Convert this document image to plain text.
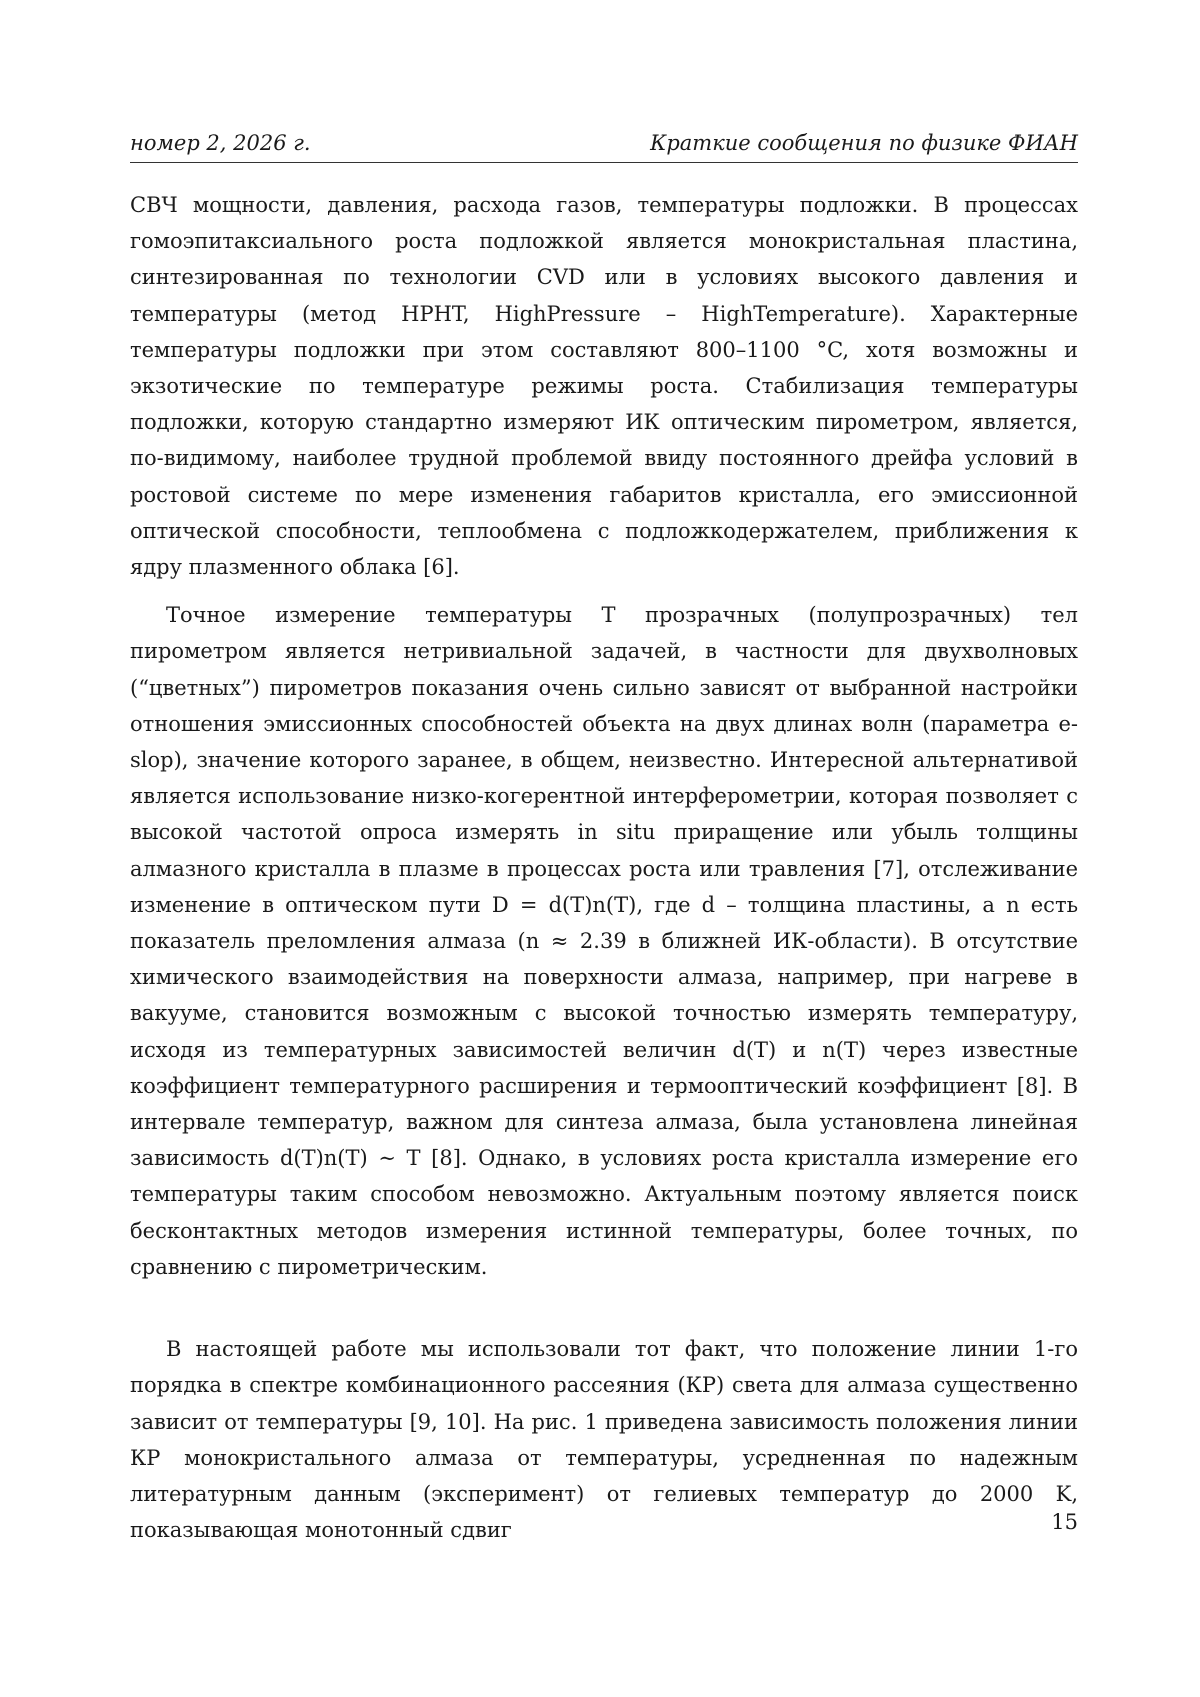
номер 2, 2026 г.	Краткие сообщения по физике ФИАН

СВЧ мощности, давления, расхода газов, температуры подложки. В процессах гомоэпитаксиального роста подложкой является монокристальная пластина, синтезированная по технологии CVD или в условиях высокого давления и температуры (метод HPHT, HighPressure – HighTemperature). Характерные температуры подложки при этом составляют 800–1100 °C, хотя возможны и экзотические по температуре режимы роста. Стабилизация температуры подложки, которую стандартно измеряют ИК оптическим пирометром, является, по-видимому, наиболее трудной проблемой ввиду постоянного дрейфа условий в ростовой системе по мере изменения габаритов кристалла, его эмиссионной оптической способности, теплообмена с подложкодержателем, приближения к ядру плазменного облака [6].

Точное измерение температуры T прозрачных (полупрозрачных) тел пирометром является нетривиальной задачей, в частности для двухволновых (“цветных”) пирометров показания очень сильно зависят от выбранной настройки отношения эмиссионных способностей объекта на двух длинах волн (параметра e-slop), значение которого заранее, в общем, неизвестно. Интересной альтернативой является использование низко-когерентной интерферометрии, которая позволяет с высокой частотой опроса измерять in situ приращение или убыль толщины алмазного кристалла в плазме в процессах роста или травления [7], отслеживание изменение в оптическом пути D = d(T)n(T), где d – толщина пластины, а n есть показатель преломления алмаза (n ≈ 2.39 в ближней ИК-области). В отсутствие химического взаимодействия на поверхности алмаза, например, при нагреве в вакууме, становится возможным с высокой точностью измерять температуру, исходя из температурных зависимостей величин d(T) и n(T) через известные коэффициент температурного расширения и термооптический коэффициент [8]. В интервале температур, важном для синтеза алмаза, была установлена линейная зависимость d(T)n(T) ∼ T [8]. Однако, в условиях роста кристалла измерение его температуры таким способом невозможно. Актуальным поэтому является поиск бесконтактных методов измерения истинной температуры, более точных, по сравнению с пирометрическим.

В настоящей работе мы использовали тот факт, что положение линии 1-го порядка в спектре комбинационного рассеяния (КР) света для алмаза существенно зависит от температуры [9, 10]. На рис. 1 приведена зависимость положения линии КР монокристального алмаза от температуры, усредненная по надежным литературным данным (эксперимент) от гелиевых температур до 2000 K, показывающая монотонный сдвиг	15
